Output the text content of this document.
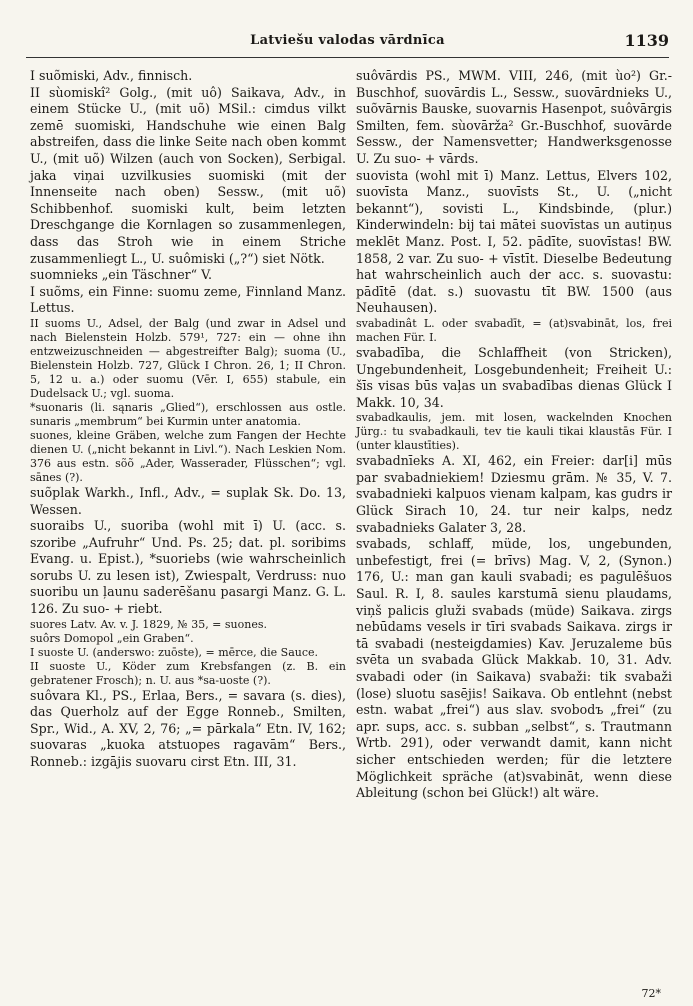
Latviešu valodas vārdnīca	1139

I suõmiski, Adv., finnisch.

II sùomiskî² Golg., (mit uô) Saikava, Adv., in einem Stücke U., (mit uõ) MSil.: cimdus vilkt zemē suomiski, Handschuhe wie einen Balg abstreifen, dass die linke Seite nach oben kommt U., (mit uõ) Wilzen (auch von Socken), Serbigal. jaka viņai uzvilkusies suomiski (mit der Innenseite nach oben) Sessw., (mit uõ) Schibbenhof. suomiski kult, beim letzten Dreschgange die Kornlagen so zusammenlegen, dass das Stroh wie in einem Striche zusammenliegt L., U. suômiski („?“) siet Nötk.

suomnieks „ein Täschner“ V.

I suõms, ein Finne: suomu zeme, Finnland Manz. Lettus.

II suoms U., Adsel, der Balg (und zwar in Adsel und nach Bielenstein Holzb. 579¹, 727: ein — ohne ihn entzweizuschneiden — abgestreifter Balg); suoma (U., Bielenstein Holzb. 727, Glück I Chron. 26, 1; II Chron. 5, 12 u. a.) oder suomu (Vēr. I, 655) stabule, ein Dudelsack U.; vgl. suoma.

*suonaris (li. sąnaris „Glied“), erschlossen aus ostle. sunaris „membrum“ bei Kurmin unter anatomia.

suones, kleine Gräben, welche zum Fangen der Hechte dienen U. („nicht bekannt in Livl.“). Nach Leskien Nom. 376 aus estn. sõõ „Ader, Wasserader, Flüsschen“; vgl. sānes (?).

suõplak Warkh., Infl., Adv., = suplak Sk. Do. 13, Wessen.

suoraibs U., suoriba (wohl mit ī) U. (acc. s. szoribe „Aufruhr“ Und. Ps. 25; dat. pl. soribims Evang. u. Epist.), *suoriebs (wie wahrscheinlich sorubs U. zu lesen ist), Zwiespalt, Verdruss: nuo suoribu un ļaunu saderēšanu pasargi Manz. G. L. 126. Zu suo- + riebt.

suores Latv. Av. v. J. 1829, № 35, = suones.

suôrs Domopol „ein Graben“.

I suoste U. (anderswo: zuōste), = mērce, die Sauce.

II suoste U., Köder zum Krebsfangen (z. B. ein gebratener Frosch); n. U. aus *sa-uoste (?).

suôvara Kl., PS., Erlaa, Bers., = savara (s. dies), das Querholz auf der Egge Ronneb., Smilten, Spr., Wid., A. XV, 2, 76; „= pārkala“ Etn. IV, 162; suovaras „kuoka atstuopes ragavām“ Bers., Ronneb.: izgājis suovaru cirst Etn. III, 31.

suôvārdis PS., MWM. VIII, 246, (mit ùo²) Gr.-Buschhof, suovārdis L., Sessw., suovārdnieks U., suõvārnis Bauske, suovarnis Hasenpot, suôvārgis Smilten, fem. sùovārža² Gr.-Buschhof, suovārde Sessw., der Namensvetter; Handwerksgenosse U. Zu suo- + vārds.

suovista (wohl mit ī) Manz. Lettus, Elvers 102, suovīsta Manz., suovīsts St., U. („nicht bekannt“), sovisti L., Kindsbinde, (plur.) Kinderwindeln: bij tai mātei suovīstas un autiņus meklēt Manz. Post. I, 52. pādīte, suovīstas! BW. 1858, 2 var. Zu suo- + vīstīt. Dieselbe Bedeutung hat wahrscheinlich auch der acc. s. suovastu: pādītē (dat. s.) suovastu tīt BW. 1500 (aus Neuhausen).

svabadinât L. oder svabadīt, = (at)svabināt, los, frei machen Für. I.

svabadība, die Schlaffheit (von Stricken), Ungebundenheit, Losgebundenheit; Freiheit U.: šīs visas būs vaļas un svabadības dienas Glück I Makk. 10, 34.

svabadkaulis, jem. mit losen, wackelnden Knochen Jürg.: tu svabadkauli, tev tie kauli tikai klaustās Für. I (unter klaustīties).

svabadnīeks A. XI, 462, ein Freier: dar[i] mūs par svabadniekiem! Dziesmu grām. № 35, V. 7. svabadnieki kalpuos vienam kalpam, kas gudrs ir Glück Sirach 10, 24. tur neir kalps, nedz svabadnieks Galater 3, 28.

svabads, schlaff, müde, los, ungebunden, unbefestigt, frei (= brīvs) Mag. V, 2, (Synon.) 176, U.: man gan kauli svabadi; es pagulēšuos Saul. R. I, 8. saules karstumā sienu plaudams, viņš palicis gluži svabads (müde) Saikava. zirgs nebūdams vesels ir tīri svabads Saikava. zirgs ir tā svabadi (nesteigdamies) Kav. Jeruzaleme būs svēta un svabada Glück Makkab. 10, 31. Adv. svabadi oder (in Saikava) svabaži: tik svabaži (lose) sluotu sasējis! Saikava. Ob entlehnt (nebst estn. wabat „frei“) aus slav. svobodъ „frei“ (zu apr. sups, acc. s. subban „selbst“, s. Trautmann Wrtb. 291), oder verwandt damit, kann nicht sicher entschieden werden; für die letztere Möglichkeit spräche (at)svabināt, wenn diese Ableitung (schon bei Glück!) alt wäre.

72*
